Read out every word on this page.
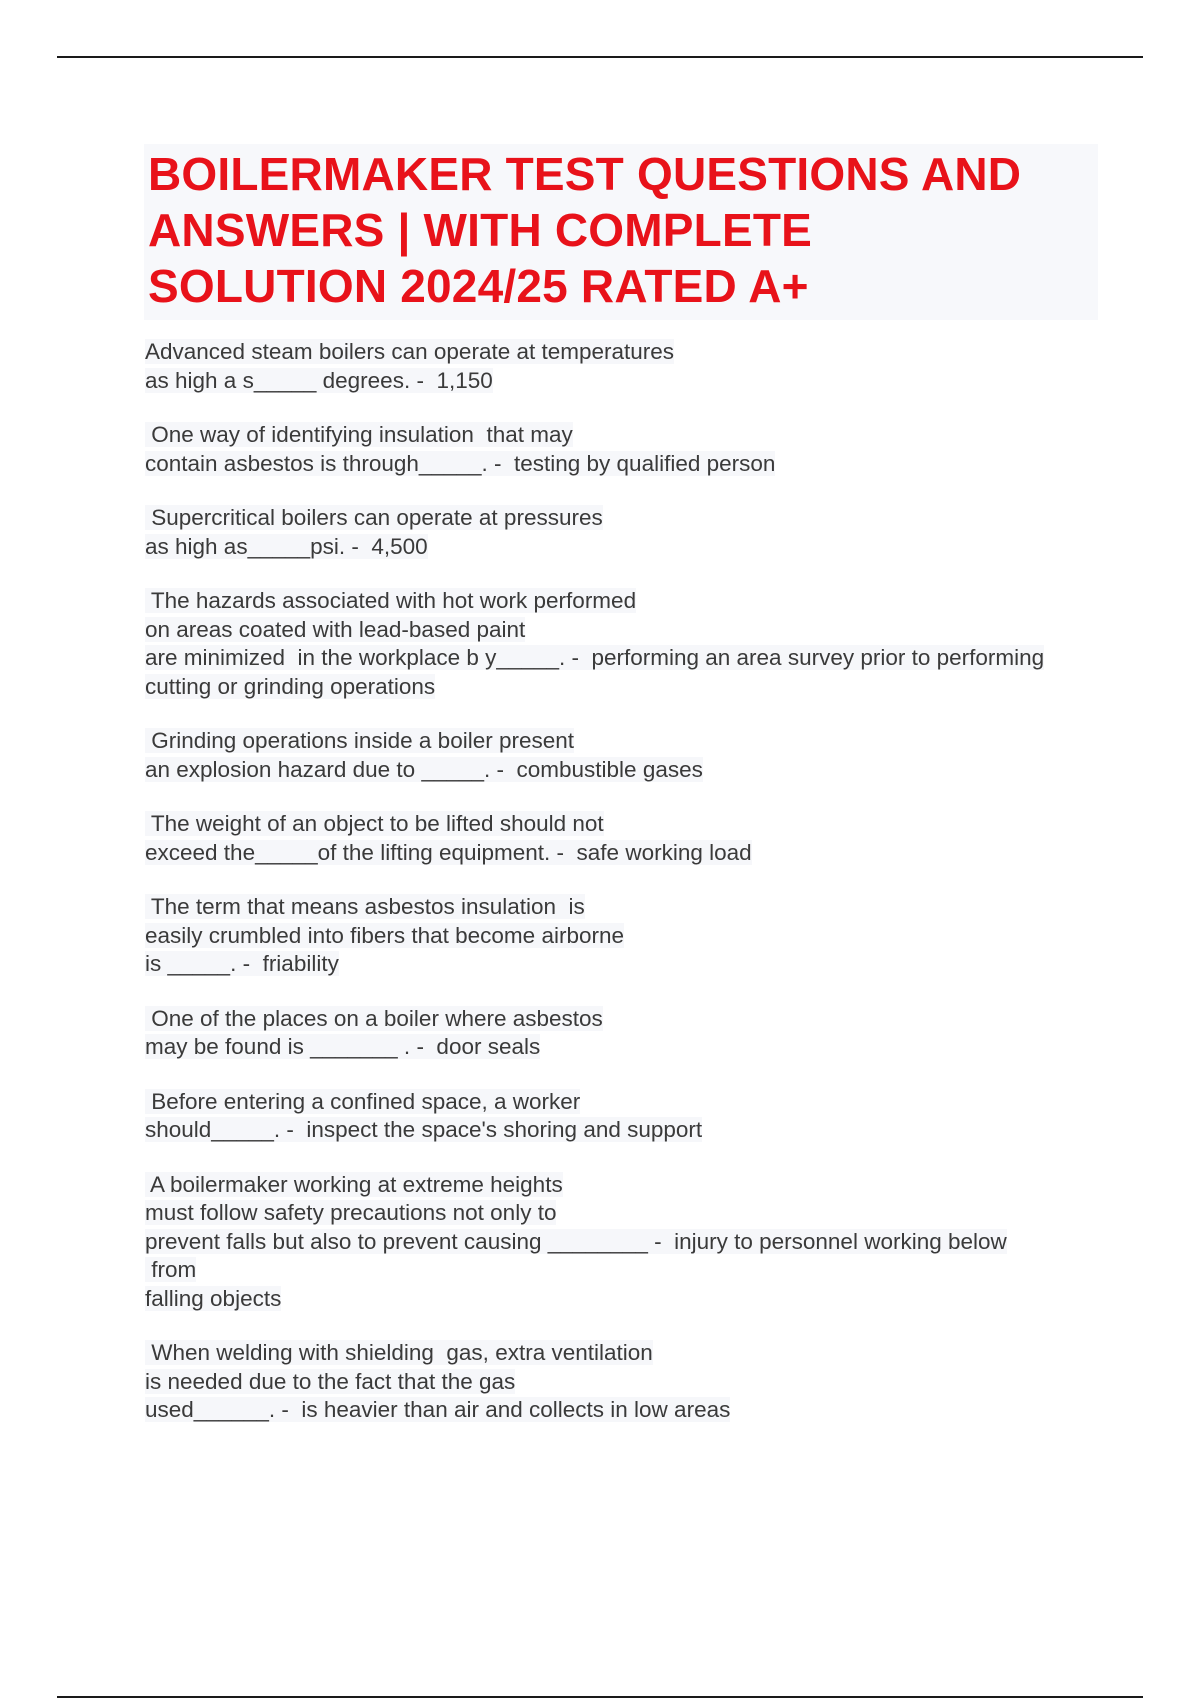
BOILERMAKER TEST QUESTIONS AND
ANSWERS | WITH COMPLETE
SOLUTION 2024/25 RATED A+
Advanced steam boilers can operate at temperatures
as high a s_____ degrees. -  1,150
One way of identifying insulation  that may
contain asbestos is through_____. -  testing by qualified person
Supercritical boilers can operate at pressures
as high as_____psi. -  4,500
The hazards associated with hot work performed
on areas coated with lead-based paint
are minimized  in the workplace b y_____. -  performing an area survey prior to performing
cutting or grinding operations
Grinding operations inside a boiler present
an explosion hazard due to _____. -  combustible gases
The weight of an object to be lifted should not
exceed the_____of the lifting equipment. -  safe working load
The term that means asbestos insulation  is
easily crumbled into fibers that become airborne
is _____. -  friability
One of the places on a boiler where asbestos
may be found is _______ . -  door seals
Before entering a confined space, a worker
should_____. -  inspect the space's shoring and support
A boilermaker working at extreme heights
must follow safety precautions not only to
prevent falls but also to prevent causing ________ -  injury to personnel working below
from
falling objects
When welding with shielding  gas, extra ventilation
is needed due to the fact that the gas
used______. -  is heavier than air and collects in low areas
